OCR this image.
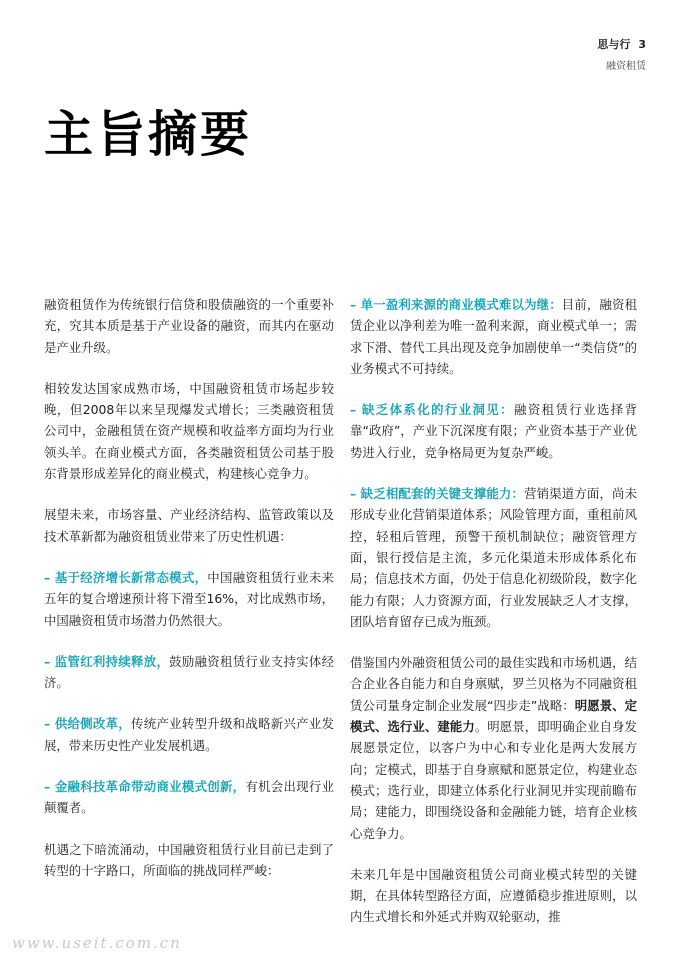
思与行 3
融资租赁
主旨摘要

融资租赁作为传统银行信贷和股债融资的一个重要补充，究其本质是基于产业设备的融资，而其内在驱动是产业升级。

相较发达国家成熟市场，中国融资租赁市场起步较晚，但2008年以来呈现爆发式增长；三类融资租赁公司中，金融租赁在资产规模和收益率方面均为行业领头羊。在商业模式方面，各类融资租赁公司基于股东背景形成差异化的商业模式，构建核心竞争力。

展望未来，市场容量、产业经济结构、监管政策以及技术革新都为融资租赁业带来了历史性机遇：

– 基于经济增长新常态模式，中国融资租赁行业未来五年的复合增速预计将下滑至16%，对比成熟市场，中国融资租赁市场潜力仍然很大。

– 监管红利持续释放，鼓励融资租赁行业支持实体经济。

– 供给侧改革，传统产业转型升级和战略新兴产业发展，带来历史性产业发展机遇。

– 金融科技革命带动商业模式创新，有机会出现行业颠覆者。

机遇之下暗流涌动，中国融资租赁行业目前已走到了转型的十字路口，所面临的挑战同样严峻：

– 单一盈利来源的商业模式难以为继：目前，融资租赁企业以净利差为唯一盈利来源，商业模式单一；需求下滑、替代工具出现及竞争加剧使单一“类信贷”的业务模式不可持续。

– 缺乏体系化的行业洞见：融资租赁行业选择背靠“政府”，产业下沉深度有限；产业资本基于产业优势进入行业，竞争格局更为复杂严峻。

– 缺乏相配套的关键支撑能力：营销渠道方面，尚未形成专业化营销渠道体系；风险管理方面，重租前风控，轻租后管理，预警干预机制缺位；融资管理方面，银行授信是主流，多元化渠道未形成体系化布局；信息技术方面，仍处于信息化初级阶段，数字化能力有限；人力资源方面，行业发展缺乏人才支撑，团队培育留存已成为瓶颈。

借鉴国内外融资租赁公司的最佳实践和市场机遇，结合企业各自能力和自身禀赋，罗兰贝格为不同融资租赁公司量身定制企业发展“四步走”战略：明愿景、定模式、选行业、建能力。明愿景，即明确企业自身发展愿景定位，以客户为中心和专业化是两大发展方向；定模式，即基于自身禀赋和愿景定位，构建业态模式；选行业，即建立体系化行业洞见并实现前瞻布局；建能力，即围绕设备和金融能力链，培育企业核心竞争力。

未来几年是中国融资租赁公司商业模式转型的关键期，在具体转型路径方面，应遵循稳步推进原则，以内生式增长和外延式并购双轮驱动，推

www.useit.com.cn
